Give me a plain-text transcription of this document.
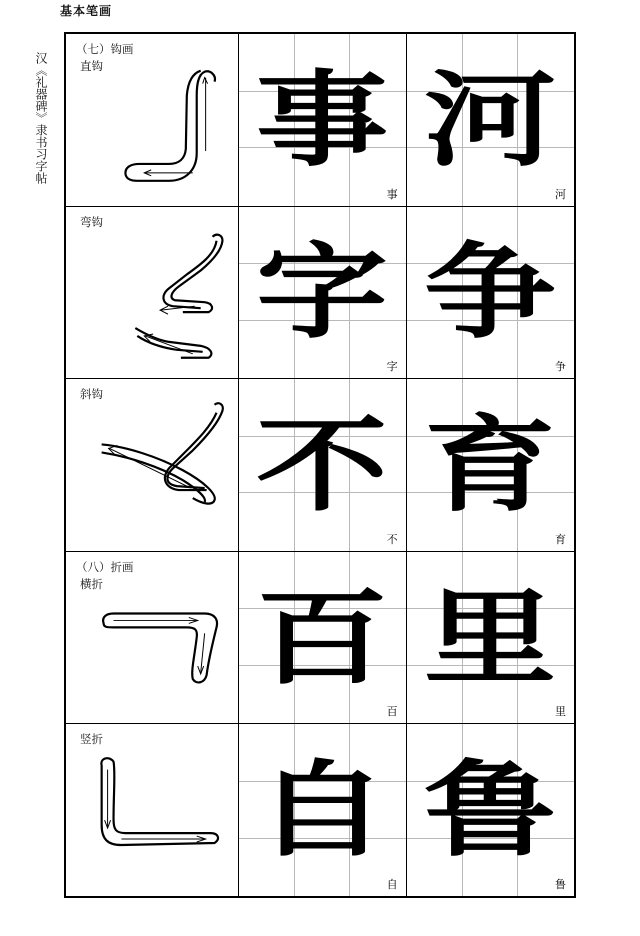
基本笔画
汉《礼器碑》隶书习字帖
（七）钩画
直钩 事
事
河
河
弯钩
字
字
争
争
斜钩
不
不
育
育
（八）折画
横折 百
百
里
里
竖折
自
自
鲁
鲁
